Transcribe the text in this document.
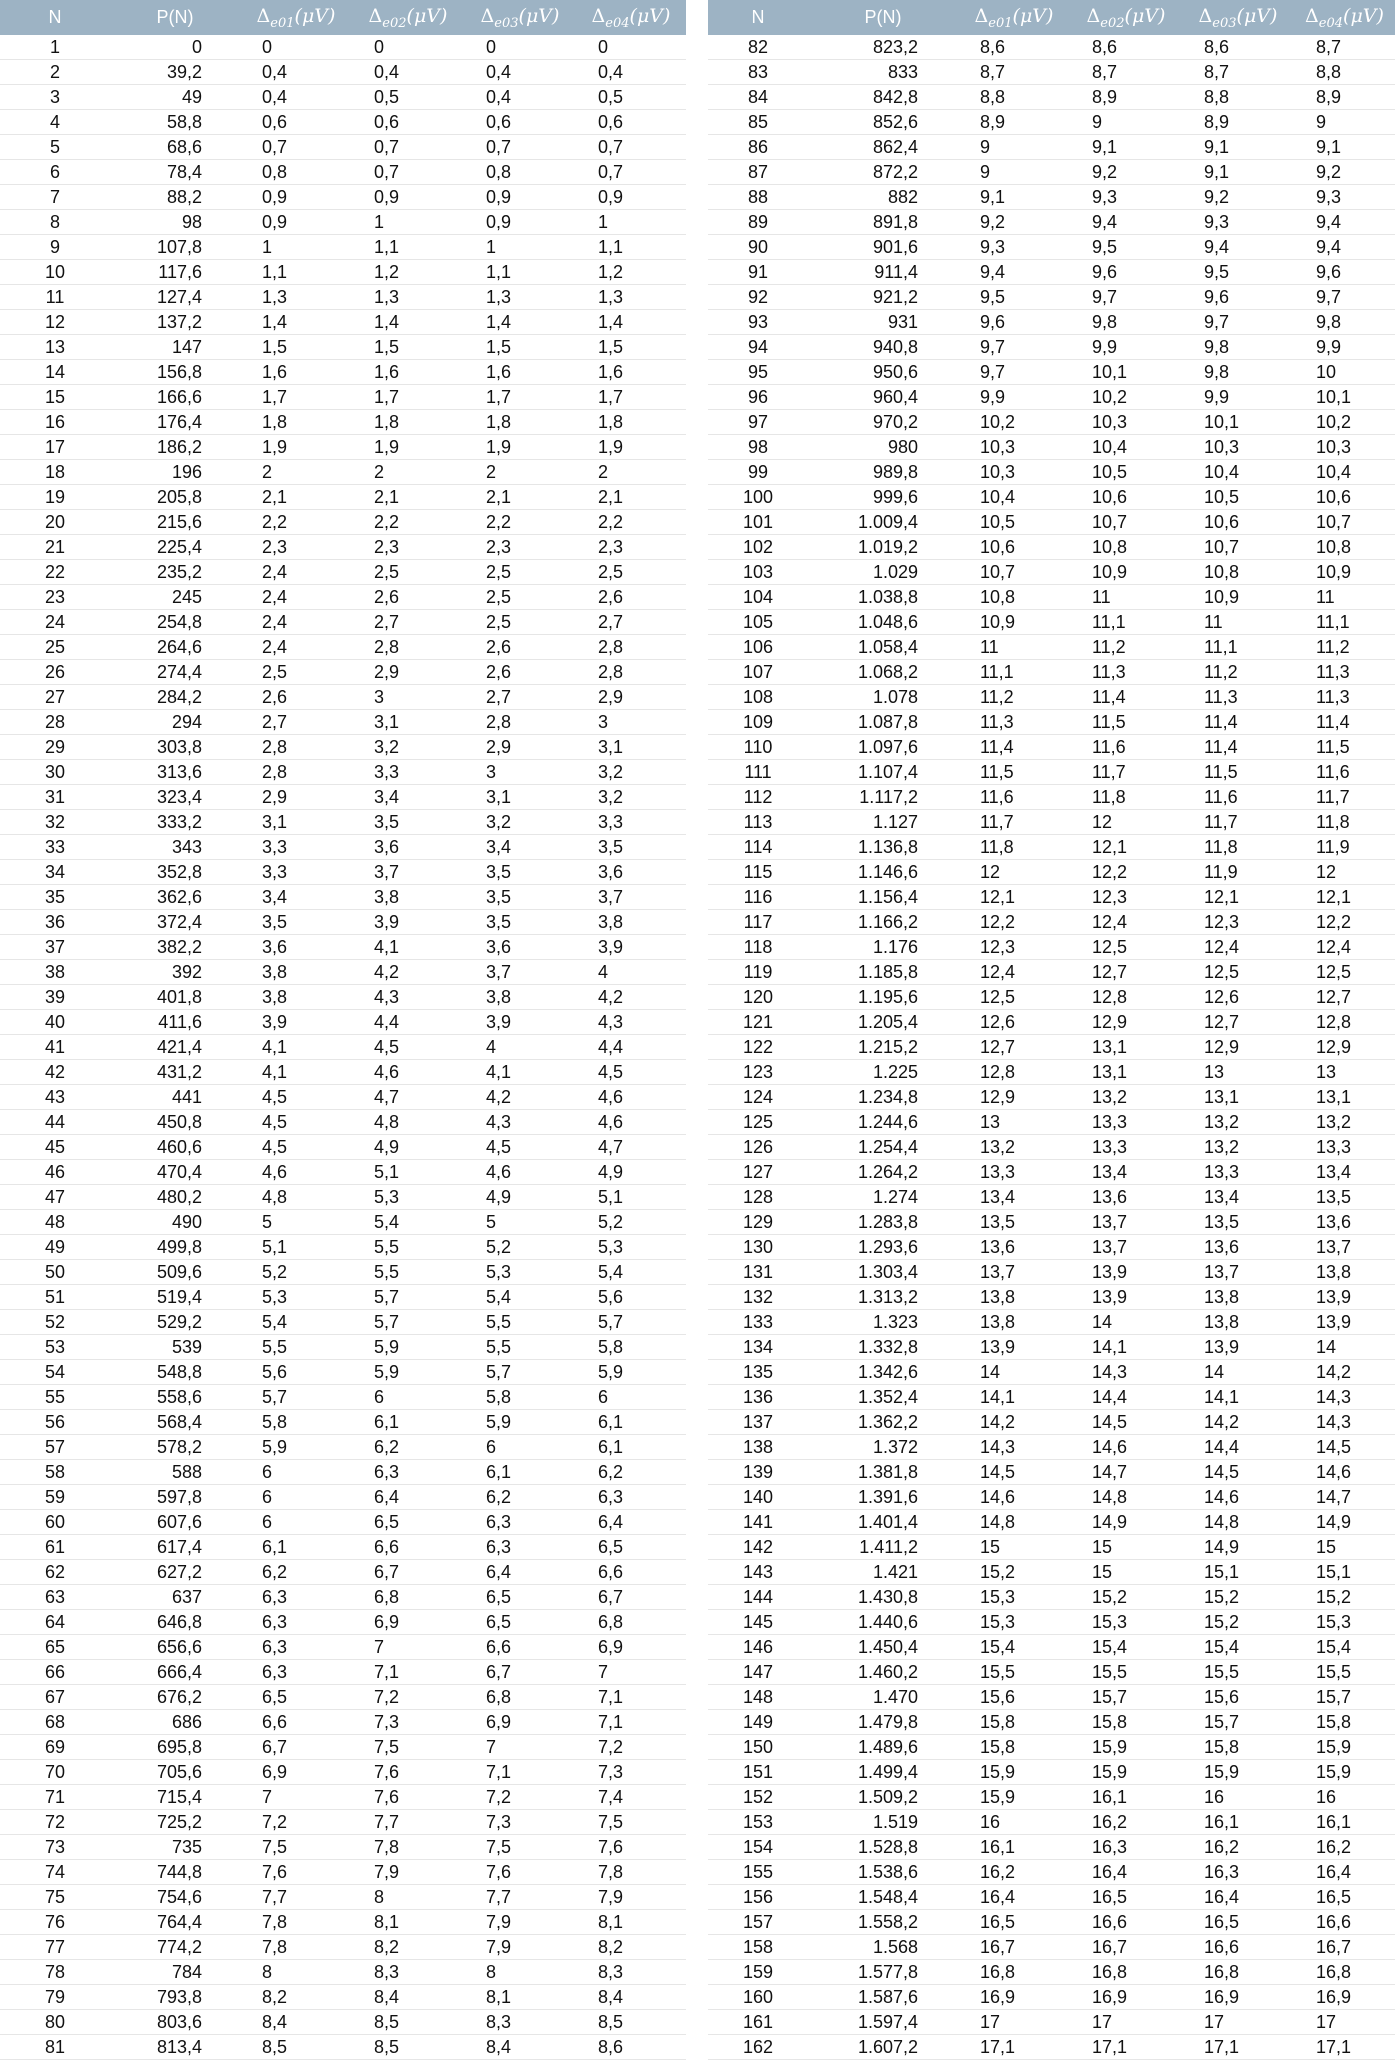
N	P(N)	$\Delta_{e01}(\mu V)$	$\Delta_{e02}(\mu V)$	$\Delta_{e03}(\mu V)$	$\Delta_{e04}(\mu V)$
1	0	0	0	0	0
2	39,2	0,4	0,4	0,4	0,4
3	49	0,4	0,5	0,4	0,5
4	58,8	0,6	0,6	0,6	0,6
5	68,6	0,7	0,7	0,7	0,7
6	78,4	0,8	0,7	0,8	0,7
7	88,2	0,9	0,9	0,9	0,9
8	98	0,9	1	0,9	1
9	107,8	1	1,1	1	1,1
10	117,6	1,1	1,2	1,1	1,2
11	127,4	1,3	1,3	1,3	1,3
12	137,2	1,4	1,4	1,4	1,4
13	147	1,5	1,5	1,5	1,5
14	156,8	1,6	1,6	1,6	1,6
15	166,6	1,7	1,7	1,7	1,7
16	176,4	1,8	1,8	1,8	1,8
17	186,2	1,9	1,9	1,9	1,9
18	196	2	2	2	2
19	205,8	2,1	2,1	2,1	2,1
20	215,6	2,2	2,2	2,2	2,2
21	225,4	2,3	2,3	2,3	2,3
22	235,2	2,4	2,5	2,5	2,5
23	245	2,4	2,6	2,5	2,6
24	254,8	2,4	2,7	2,5	2,7
25	264,6	2,4	2,8	2,6	2,8
26	274,4	2,5	2,9	2,6	2,8
27	284,2	2,6	3	2,7	2,9
28	294	2,7	3,1	2,8	3
29	303,8	2,8	3,2	2,9	3,1
30	313,6	2,8	3,3	3	3,2
31	323,4	2,9	3,4	3,1	3,2
32	333,2	3,1	3,5	3,2	3,3
33	343	3,3	3,6	3,4	3,5
34	352,8	3,3	3,7	3,5	3,6
35	362,6	3,4	3,8	3,5	3,7
36	372,4	3,5	3,9	3,5	3,8
37	382,2	3,6	4,1	3,6	3,9
38	392	3,8	4,2	3,7	4
39	401,8	3,8	4,3	3,8	4,2
40	411,6	3,9	4,4	3,9	4,3
41	421,4	4,1	4,5	4	4,4
42	431,2	4,1	4,6	4,1	4,5
43	441	4,5	4,7	4,2	4,6
44	450,8	4,5	4,8	4,3	4,6
45	460,6	4,5	4,9	4,5	4,7
46	470,4	4,6	5,1	4,6	4,9
47	480,2	4,8	5,3	4,9	5,1
48	490	5	5,4	5	5,2
49	499,8	5,1	5,5	5,2	5,3
50	509,6	5,2	5,5	5,3	5,4
51	519,4	5,3	5,7	5,4	5,6
52	529,2	5,4	5,7	5,5	5,7
53	539	5,5	5,9	5,5	5,8
54	548,8	5,6	5,9	5,7	5,9
55	558,6	5,7	6	5,8	6
56	568,4	5,8	6,1	5,9	6,1
57	578,2	5,9	6,2	6	6,1
58	588	6	6,3	6,1	6,2
59	597,8	6	6,4	6,2	6,3
60	607,6	6	6,5	6,3	6,4
61	617,4	6,1	6,6	6,3	6,5
62	627,2	6,2	6,7	6,4	6,6
63	637	6,3	6,8	6,5	6,7
64	646,8	6,3	6,9	6,5	6,8
65	656,6	6,3	7	6,6	6,9
66	666,4	6,3	7,1	6,7	7
67	676,2	6,5	7,2	6,8	7,1
68	686	6,6	7,3	6,9	7,1
69	695,8	6,7	7,5	7	7,2
70	705,6	6,9	7,6	7,1	7,3
71	715,4	7	7,6	7,2	7,4
72	725,2	7,2	7,7	7,3	7,5
73	735	7,5	7,8	7,5	7,6
74	744,8	7,6	7,9	7,6	7,8
75	754,6	7,7	8	7,7	7,9
76	764,4	7,8	8,1	7,9	8,1
77	774,2	7,8	8,2	7,9	8,2
78	784	8	8,3	8	8,3
79	793,8	8,2	8,4	8,1	8,4
80	803,6	8,4	8,5	8,3	8,5
81	813,4	8,5	8,5	8,4	8,6
N	P(N)	$\Delta_{e01}(\mu V)$	$\Delta_{e02}(\mu V)$	$\Delta_{e03}(\mu V)$	$\Delta_{e04}(\mu V)$
82	823,2	8,6	8,6	8,6	8,7
83	833	8,7	8,7	8,7	8,8
84	842,8	8,8	8,9	8,8	8,9
85	852,6	8,9	9	8,9	9
86	862,4	9	9,1	9,1	9,1
87	872,2	9	9,2	9,1	9,2
88	882	9,1	9,3	9,2	9,3
89	891,8	9,2	9,4	9,3	9,4
90	901,6	9,3	9,5	9,4	9,4
91	911,4	9,4	9,6	9,5	9,6
92	921,2	9,5	9,7	9,6	9,7
93	931	9,6	9,8	9,7	9,8
94	940,8	9,7	9,9	9,8	9,9
95	950,6	9,7	10,1	9,8	10
96	960,4	9,9	10,2	9,9	10,1
97	970,2	10,2	10,3	10,1	10,2
98	980	10,3	10,4	10,3	10,3
99	989,8	10,3	10,5	10,4	10,4
100	999,6	10,4	10,6	10,5	10,6
101	1.009,4	10,5	10,7	10,6	10,7
102	1.019,2	10,6	10,8	10,7	10,8
103	1.029	10,7	10,9	10,8	10,9
104	1.038,8	10,8	11	10,9	11
105	1.048,6	10,9	11,1	11	11,1
106	1.058,4	11	11,2	11,1	11,2
107	1.068,2	11,1	11,3	11,2	11,3
108	1.078	11,2	11,4	11,3	11,3
109	1.087,8	11,3	11,5	11,4	11,4
110	1.097,6	11,4	11,6	11,4	11,5
111	1.107,4	11,5	11,7	11,5	11,6
112	1.117,2	11,6	11,8	11,6	11,7
113	1.127	11,7	12	11,7	11,8
114	1.136,8	11,8	12,1	11,8	11,9
115	1.146,6	12	12,2	11,9	12
116	1.156,4	12,1	12,3	12,1	12,1
117	1.166,2	12,2	12,4	12,3	12,2
118	1.176	12,3	12,5	12,4	12,4
119	1.185,8	12,4	12,7	12,5	12,5
120	1.195,6	12,5	12,8	12,6	12,7
121	1.205,4	12,6	12,9	12,7	12,8
122	1.215,2	12,7	13,1	12,9	12,9
123	1.225	12,8	13,1	13	13
124	1.234,8	12,9	13,2	13,1	13,1
125	1.244,6	13	13,3	13,2	13,2
126	1.254,4	13,2	13,3	13,2	13,3
127	1.264,2	13,3	13,4	13,3	13,4
128	1.274	13,4	13,6	13,4	13,5
129	1.283,8	13,5	13,7	13,5	13,6
130	1.293,6	13,6	13,7	13,6	13,7
131	1.303,4	13,7	13,9	13,7	13,8
132	1.313,2	13,8	13,9	13,8	13,9
133	1.323	13,8	14	13,8	13,9
134	1.332,8	13,9	14,1	13,9	14
135	1.342,6	14	14,3	14	14,2
136	1.352,4	14,1	14,4	14,1	14,3
137	1.362,2	14,2	14,5	14,2	14,3
138	1.372	14,3	14,6	14,4	14,5
139	1.381,8	14,5	14,7	14,5	14,6
140	1.391,6	14,6	14,8	14,6	14,7
141	1.401,4	14,8	14,9	14,8	14,9
142	1.411,2	15	15	14,9	15
143	1.421	15,2	15	15,1	15,1
144	1.430,8	15,3	15,2	15,2	15,2
145	1.440,6	15,3	15,3	15,2	15,3
146	1.450,4	15,4	15,4	15,4	15,4
147	1.460,2	15,5	15,5	15,5	15,5
148	1.470	15,6	15,7	15,6	15,7
149	1.479,8	15,8	15,8	15,7	15,8
150	1.489,6	15,8	15,9	15,8	15,9
151	1.499,4	15,9	15,9	15,9	15,9
152	1.509,2	15,9	16,1	16	16
153	1.519	16	16,2	16,1	16,1
154	1.528,8	16,1	16,3	16,2	16,2
155	1.538,6	16,2	16,4	16,3	16,4
156	1.548,4	16,4	16,5	16,4	16,5
157	1.558,2	16,5	16,6	16,5	16,6
158	1.568	16,7	16,7	16,6	16,7
159	1.577,8	16,8	16,8	16,8	16,8
160	1.587,6	16,9	16,9	16,9	16,9
161	1.597,4	17	17	17	17
162	1.607,2	17,1	17,1	17,1	17,1
